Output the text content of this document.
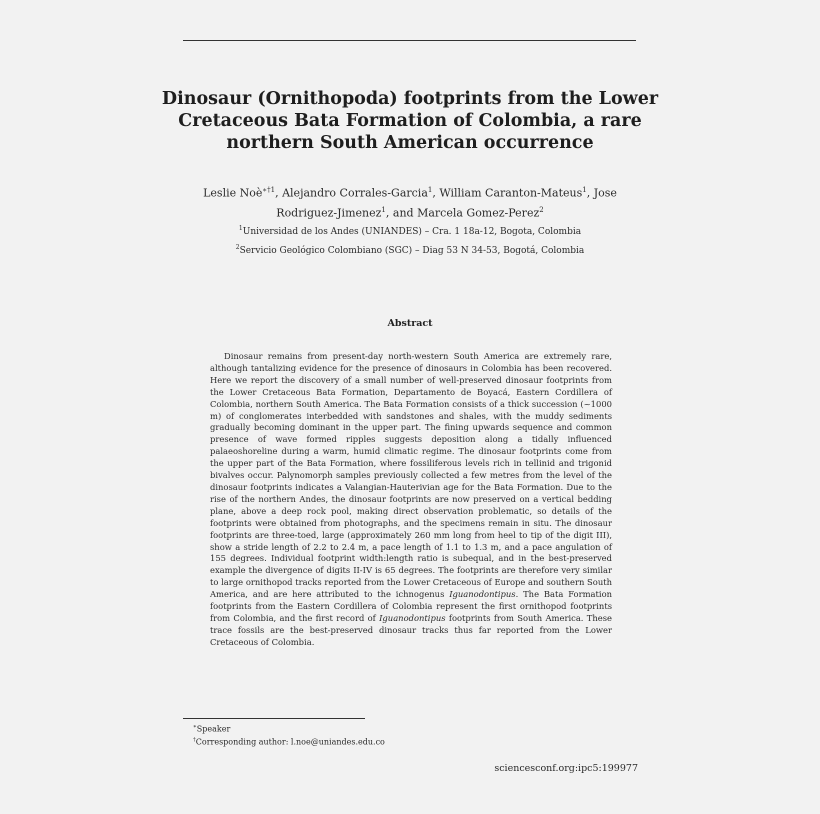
Dinosaur (Ornithopoda) footprints from the Lower Cretaceous Bata Formation of Colombia, a rare northern South American occurrence
Leslie Noè$^{∗\dagger 1}$, Alejandro Corrales-Garcia$^1$, William Caranton-Mateus$^1$, Jose Rodriguez-Jimenez$^1$, and Marcela Gomez-Perez$^2$
$^1$Universidad de los Andes (UNIANDES) – Cra. 1 18a-12, Bogota, Colombia
$^2$Servicio Geológico Colombiano (SGC) – Diag 53 N 34-53, Bogotá, Colombia
Abstract
Dinosaur remains from present-day north-western South America are extremely rare, although tantalizing evidence for the presence of dinosaurs in Colombia has been recovered. Here we report the discovery of a small number of well-preserved dinosaur footprints from the Lower Cretaceous Bata Formation, Departamento de Boyacá, Eastern Cordillera of Colombia, northern South America. The Bata Formation consists of a thick succession (~1000 m) of conglomerates interbedded with sandstones and shales, with the muddy sediments gradually becoming dominant in the upper part. The fining upwards sequence and common presence of wave formed ripples suggests deposition along a tidally influenced palaeoshoreline during a warm, humid climatic regime. The dinosaur footprints come from the upper part of the Bata Formation, where fossiliferous levels rich in tellinid and trigonid bivalves occur. Palynomorph samples previously collected a few metres from the level of the dinosaur footprints indicates a Valangian-Hauterivian age for the Bata Formation. Due to the rise of the northern Andes, the dinosaur footprints are now preserved on a vertical bedding plane, above a deep rock pool, making direct observation problematic, so details of the footprints were obtained from photographs, and the specimens remain in situ. The dinosaur footprints are three-toed, large (approximately 260 mm long from heel to tip of the digit III), show a stride length of 2.2 to 2.4 m, a pace length of 1.1 to 1.3 m, and a pace angulation of 155 degrees. Individual footprint width:length ratio is subequal, and in the best-preserved example the divergence of digits II-IV is 65 degrees. The footprints are therefore very similar to large ornithopod tracks reported from the Lower Cretaceous of Europe and southern South America, and are here attributed to the ichnogenus Iguanodontipus. The Bata Formation footprints from the Eastern Cordillera of Colombia represent the first ornithopod footprints from Colombia, and the first record of Iguanodontipus footprints from South America. These trace fossils are the best-preserved dinosaur tracks thus far reported from the Lower Cretaceous of Colombia.
∗Speaker
†Corresponding author: l.noe@uniandes.edu.co
sciencesconf.org:ipc5:199977
